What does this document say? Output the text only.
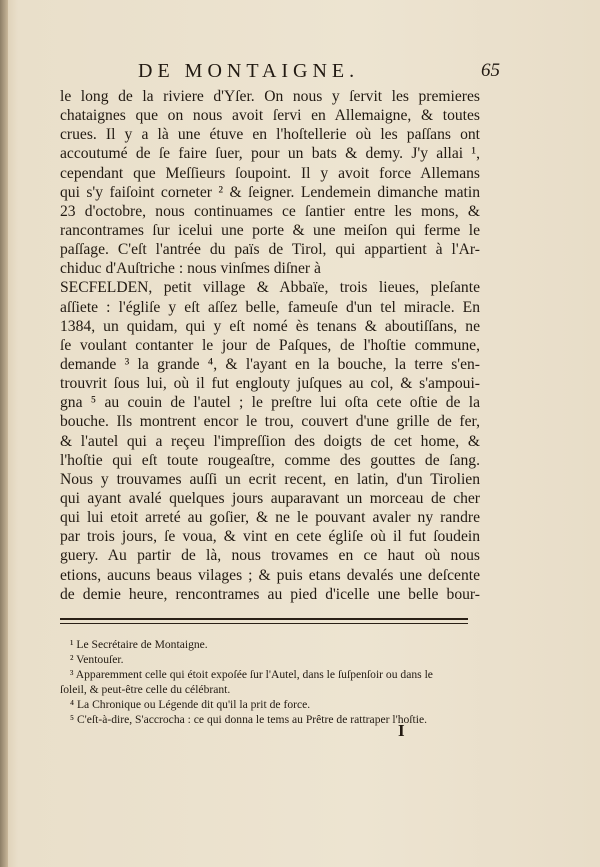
DE MONTAIGNE.	65
le long de la riviere d'Yſer. On nous y ſervit les premieres
chataignes que on nous avoit ſervi en Allemaigne, & toutes
crues. Il y a là une étuve en l'hoſtellerie où les paſſans ont
accoutumé de ſe faire ſuer, pour un bats & demy. J'y allai ¹,
cependant que Meſſieurs ſoupoint. Il y avoit force Allemans
qui s'y faiſoint corneter ² & ſeigner. Lendemein dimanche matin
23 d'octobre, nous continuames ce ſantier entre les mons, &
rancontrames ſur icelui une porte & une meiſon qui ferme le
paſſage. C'eſt l'antrée du païs de Tirol, qui appartient à l'Ar-
chiduc d'Auſtriche : nous vinſmes diſner à
SECFELDEN, petit village & Abbaïe, trois lieues, pleſante
aſſiete : l'égliſe y eſt aſſez belle, fameuſe d'un tel miracle. En
1384, un quidam, qui y eſt nomé ès tenans & aboutiſſans, ne
ſe voulant contanter le jour de Paſques, de l'hoſtie commune,
demande ³ la grande ⁴, & l'ayant en la bouche, la terre s'en-
trouvrit ſous lui, où il fut englouty juſques au col, & s'ampoui-
gna ⁵ au couin de l'autel ; le preſtre lui oſta cete oſtie de la
bouche. Ils montrent encor le trou, couvert d'une grille de fer,
& l'autel qui a reçeu l'impreſſion des doigts de cet home, &
l'hoſtie qui eſt toute rougeaſtre, comme des gouttes de ſang.
Nous y trouvames auſſi un ecrit recent, en latin, d'un Tirolien
qui ayant avalé quelques jours auparavant un morceau de cher
qui lui etoit arreté au goſier, & ne le pouvant avaler ny randre
par trois jours, ſe voua, & vint en cete égliſe où il fut ſoudein
guery. Au partir de là, nous trovames en ce haut où nous
etions, aucuns beaus vilages ; & puis etans devalés une deſcente
de demie heure, rencontrames au pied d'icelle une belle bour-
¹ Le Secrétaire de Montaigne.
² Ventouſer.
³ Apparemment celle qui étoit expoſée ſur l'Autel, dans le ſuſpenſoir ou dans le
ſoleil, & peut-être celle du célébrant.
⁴ La Chronique ou Légende dit qu'il la prit de force.
⁵ C'eſt-à-dire, S'accrocha : ce qui donna le tems au Prêtre de rattraper l'hoſtie.
I
